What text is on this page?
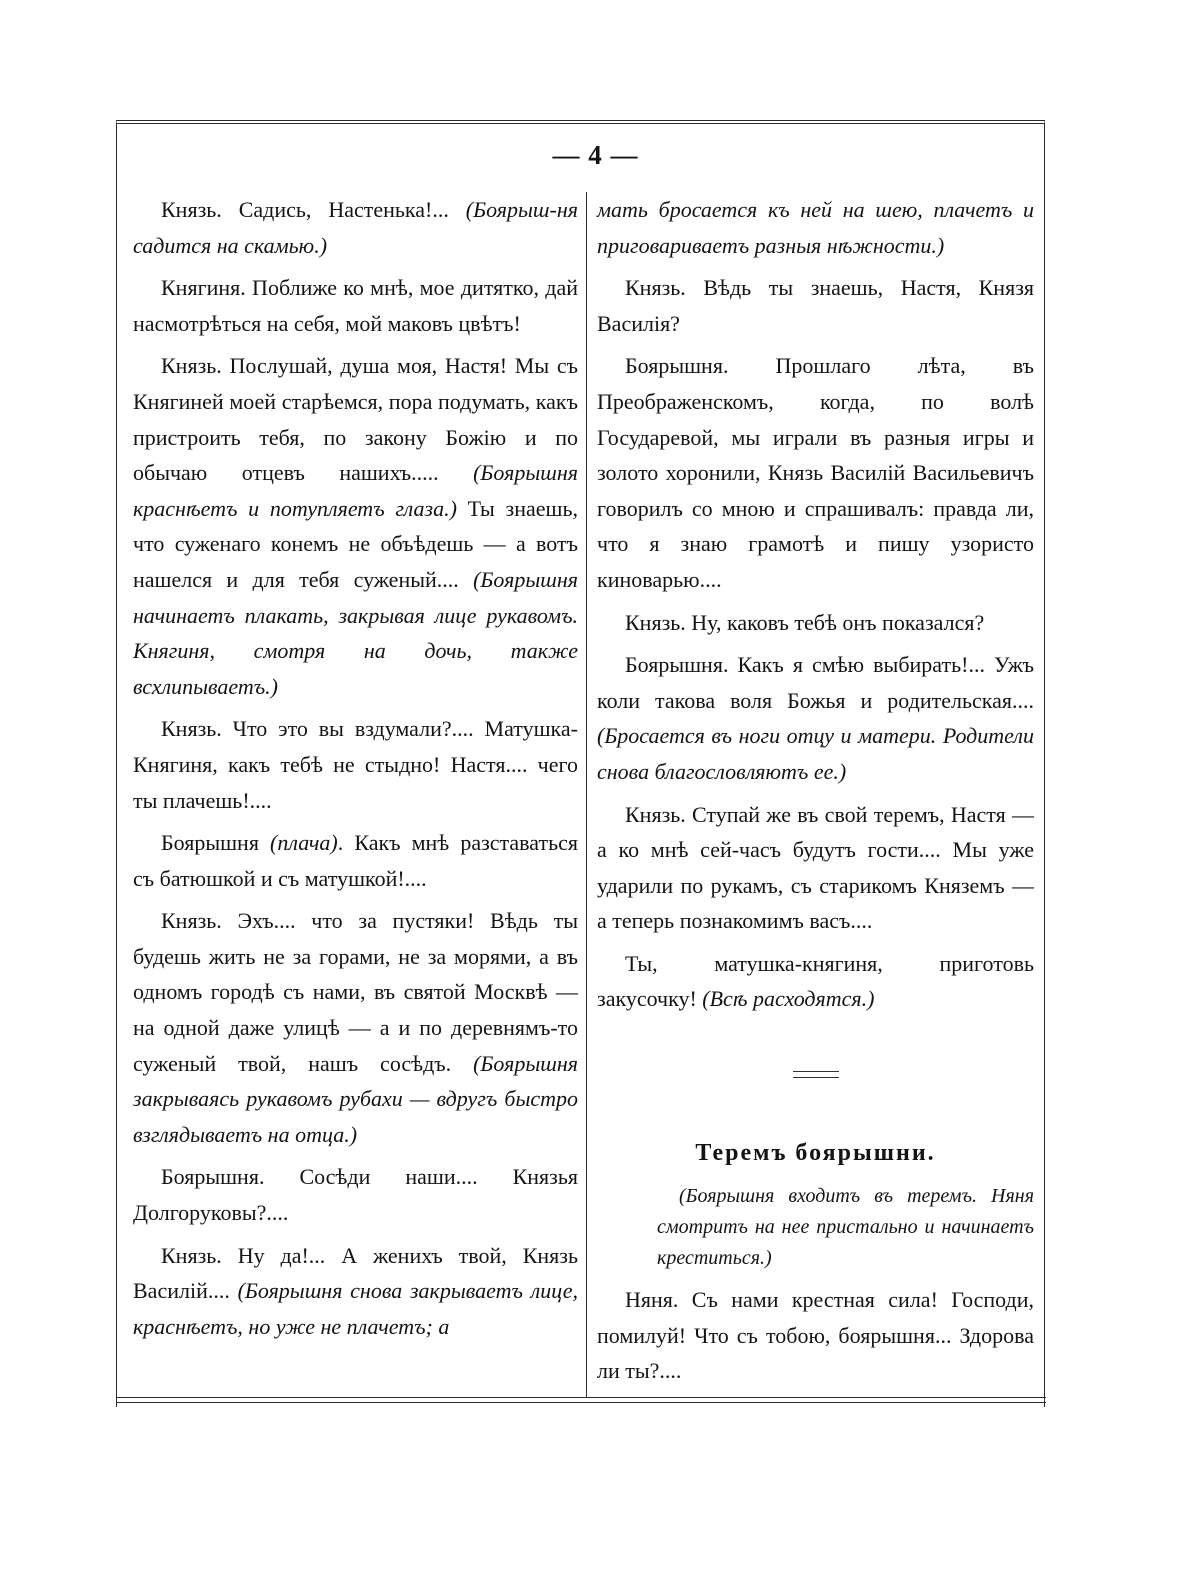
— 4 —

Князь. Садись, Настенька!... (Боярыш-ня садится на скамью.)

Княгиня. Поближе ко мнѣ, мое дитятко, дай насмотрѣться на себя, мой маковъ цвѣтъ!

Князь. Послушай, душа моя, Настя! Мы съ Княгиней моей старѣемся, пора подумать, какъ пристроить тебя, по закону Божію и по обычаю отцевъ нашихъ..... (Боярышня краснѣетъ и потупляетъ глаза.) Ты знаешь, что суженаго конемъ не объѣдешь — а вотъ нашелся и для тебя суженый.... (Боярышня начинаетъ плакать, закрывая лице рукавомъ. Княгиня, смотря на дочь, также всхлипываетъ.)

Князь. Что это вы вздумали?.... Матушка-Княгиня, какъ тебѣ не стыдно! Настя.... чего ты плачешь!....

Боярышня (плача). Какъ мнѣ разставаться съ батюшкой и съ матушкой!....

Князь. Эхъ.... что за пустяки! Вѣдь ты будешь жить не за горами, не за морями, а въ одномъ городѣ съ нами, въ святой Москвѣ — на одной даже улицѣ — а и по деревнямъ-то суженый твой, нашъ сосѣдъ. (Боярышня закрываясь рукавомъ рубахи — вдругъ быстро взглядываетъ на отца.)

Боярышня. Сосѣди наши.... Князья Долгоруковы?....

Князь. Ну да!... А женихъ твой, Князь Василій.... (Боярышня снова закрываетъ лице, краснѣетъ, но уже не плачетъ; а

мать бросается къ ней на шею, плачетъ и приговариваетъ разныя нѣжности.)

Князь. Вѣдь ты знаешь, Настя, Князя Василія?

Боярышня. Прошлаго лѣта, въ Преображенскомъ, когда, по волѣ Государевой, мы играли въ разныя игры и золото хоронили, Князь Василій Васильевичъ говорилъ со мною и спрашивалъ: правда ли, что я знаю грамотѣ и пишу узористо киноварью....

Князь. Ну, каковъ тебѣ онъ показался?

Боярышня. Какъ я смѣю выбирать!... Ужъ коли такова воля Божья и родительская.... (Бросается въ ноги отцу и матери. Родители снова благословляютъ ее.)

Князь. Ступай же въ свой теремъ, Настя — а ко мнѣ сей-часъ будутъ гости.... Мы уже ударили по рукамъ, съ старикомъ Княземъ — а теперь познакомимъ васъ....

Ты, матушка-княгиня, приготовь закусочку! (Всѣ расходятся.)

Теремъ боярышни.

(Боярышня входитъ въ теремъ. Няня смотритъ на нее пристально и начинаетъ креститься.)

Няня. Съ нами крестная сила! Господи, помилуй! Что съ тобою, боярышня... Здорова ли ты?....
